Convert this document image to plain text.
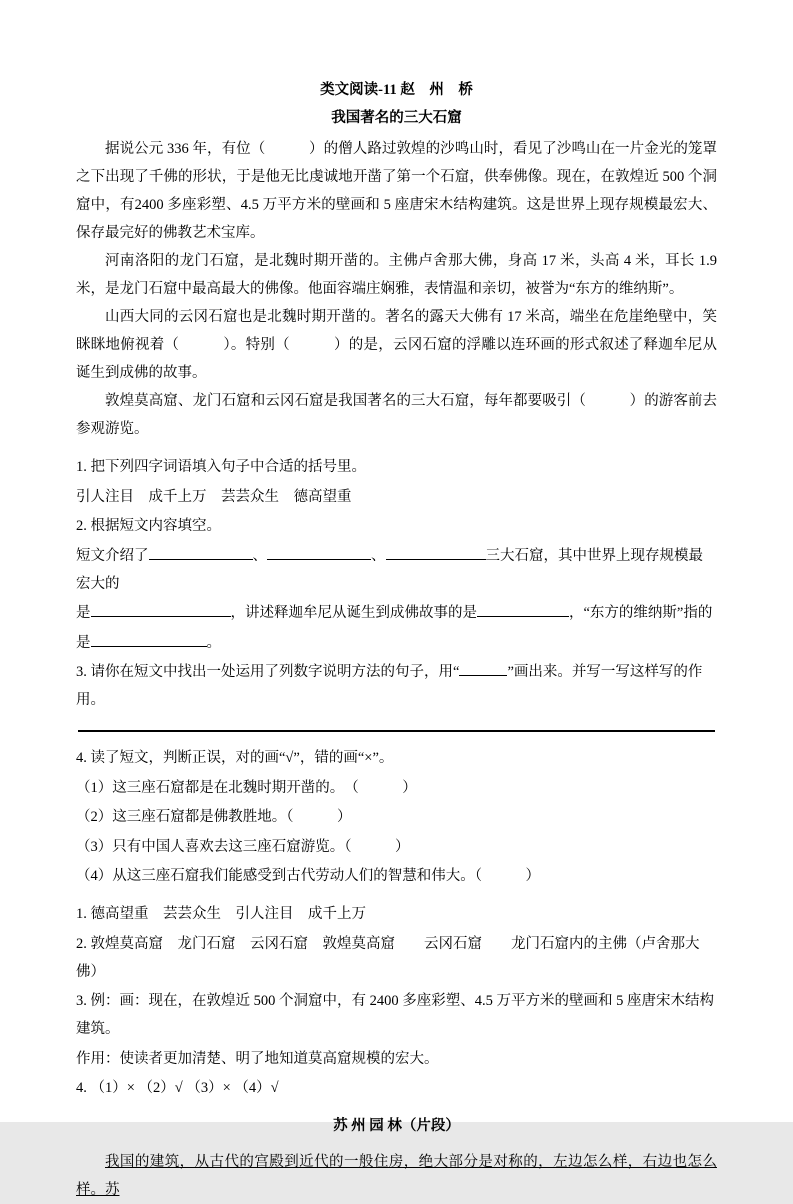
类文阅读-11 赵　州　桥
我国著名的三大石窟

据说公元 336 年，有位（　　　）的僧人路过敦煌的沙鸣山时，看见了沙鸣山在一片金光的笼罩之下出现了千佛的形状，于是他无比虔诚地开凿了第一个石窟，供奉佛像。现在，在敦煌近 500 个洞窟中，有2400 多座彩塑、4.5 万平方米的壁画和 5 座唐宋木结构建筑。这是世界上现存规模最宏大、保存最完好的佛教艺术宝库。

河南洛阳的龙门石窟，是北魏时期开凿的。主佛卢舍那大佛，身高 17 米，头高 4 米，耳长 1.9 米，是龙门石窟中最高最大的佛像。他面容端庄娴雅，表情温和亲切，被誉为“东方的维纳斯”。

山西大同的云冈石窟也是北魏时期开凿的。著名的露天大佛有 17 米高，端坐在危崖绝壁中，笑眯眯地俯视着（　　　）。特别（　　　）的是，云冈石窟的浮雕以连环画的形式叙述了释迦牟尼从诞生到成佛的故事。

敦煌莫高窟、龙门石窟和云冈石窟是我国著名的三大石窟，每年都要吸引（　　　）的游客前去参观游览。

1. 把下列四字词语填入句子中合适的括号里。

引人注目　成千上万　芸芸众生　德高望重

2. 根据短文内容填空。

短文介绍了	、	、	三大石窟，其中世界上现存规模最宏大的

是	，讲述释迦牟尼从诞生到成佛故事的是	，“东方的维纳斯”指的

是	。

3. 请你在短文中找出一处运用了列数字说明方法的句子，用“	”画出来。并写一写这样写的作用。

4. 读了短文，判断正误，对的画“√”，错的画“×”。

（1）这三座石窟都是在北魏时期开凿的。　（　　　）

（2）这三座石窟都是佛教胜地。（　　　）

（3）只有中国人喜欢去这三座石窟游览。（　　　）

（4）从这三座石窟我们能感受到古代劳动人们的智慧和伟大。（　　　）

1. 德高望重　芸芸众生　引人注目　成千上万

2. 敦煌莫高窟　龙门石窟　云冈石窟　敦煌莫高窟　　云冈石窟　　龙门石窟内的主佛（卢舍那大佛）

3. 例：画：现在，在敦煌近 500 个洞窟中，有 2400 多座彩塑、4.5 万平方米的壁画和 5 座唐宋木结构建筑。

作用：使读者更加清楚、明了地知道莫高窟规模的宏大。

4. （1）× （2）√ （3）× （4）√

苏 州 园 林（片段）

我国的建筑，从古代的宫殿到近代的一般住房，绝大部分是对称的，左边怎么样，右边也怎么样。苏
